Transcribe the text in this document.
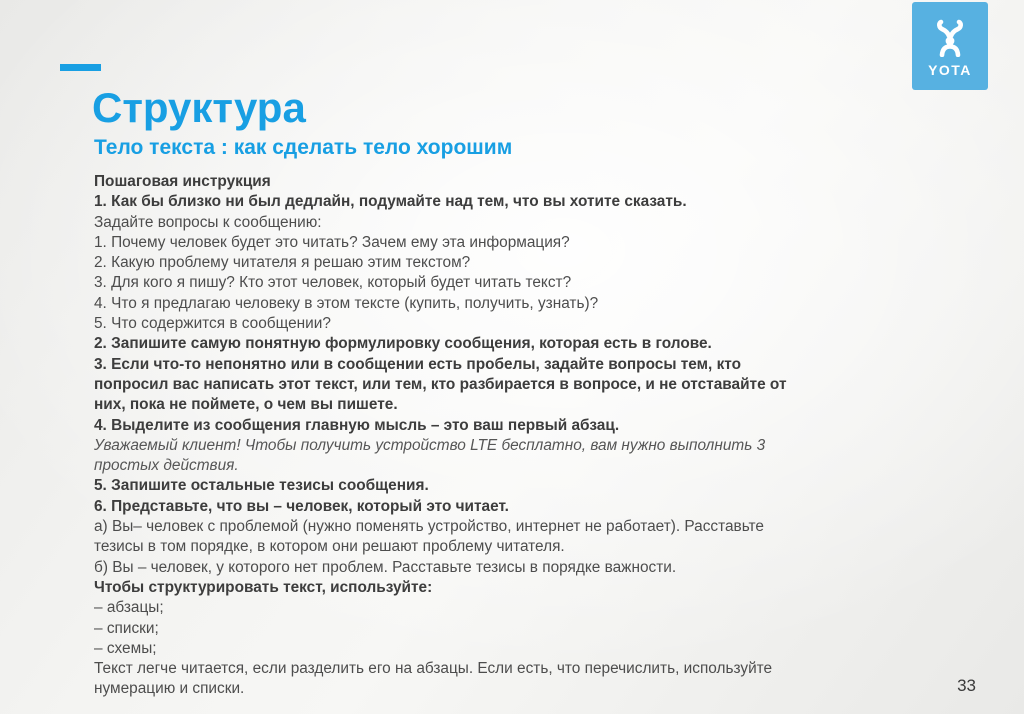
Структура
Тело текста : как сделать тело хорошим
Пошаговая инструкция
1. Как бы близко ни был дедлайн, подумайте над тем, что вы хотите сказать.
Задайте вопросы к сообщению:
1. Почему человек будет это читать? Зачем ему эта информация?
2. Какую проблему читателя я решаю этим текстом?
3. Для кого я пишу? Кто этот человек, который будет читать текст?
4. Что я предлагаю человеку в этом тексте (купить, получить, узнать)?
5. Что содержится в сообщении?
2. Запишите самую понятную формулировку сообщения, которая есть в голове.
3. Если что-то непонятно или в сообщении есть пробелы, задайте вопросы тем, кто
попросил вас написать этот текст, или тем, кто разбирается в вопросе, и не отставайте от
них, пока не поймете, о чем вы пишете.
4. Выделите из сообщения главную мысль – это ваш первый абзац.
Уважаемый клиент! Чтобы получить устройство LTE бесплатно, вам нужно выполнить 3
простых действия.
5. Запишите остальные тезисы сообщения.
6. Представьте, что вы – человек, который это читает.
а) Вы– человек с проблемой (нужно поменять устройство, интернет не работает). Расставьте
тезисы в том порядке, в котором они решают проблему читателя.
б) Вы – человек, у которого нет проблем. Расставьте тезисы в порядке важности.
Чтобы структурировать текст, используйте:
– абзацы;
– списки;
– схемы;
Текст легче читается, если разделить его на абзацы. Если есть, что перечислить, используйте
нумерацию и списки.
YOTA
33
